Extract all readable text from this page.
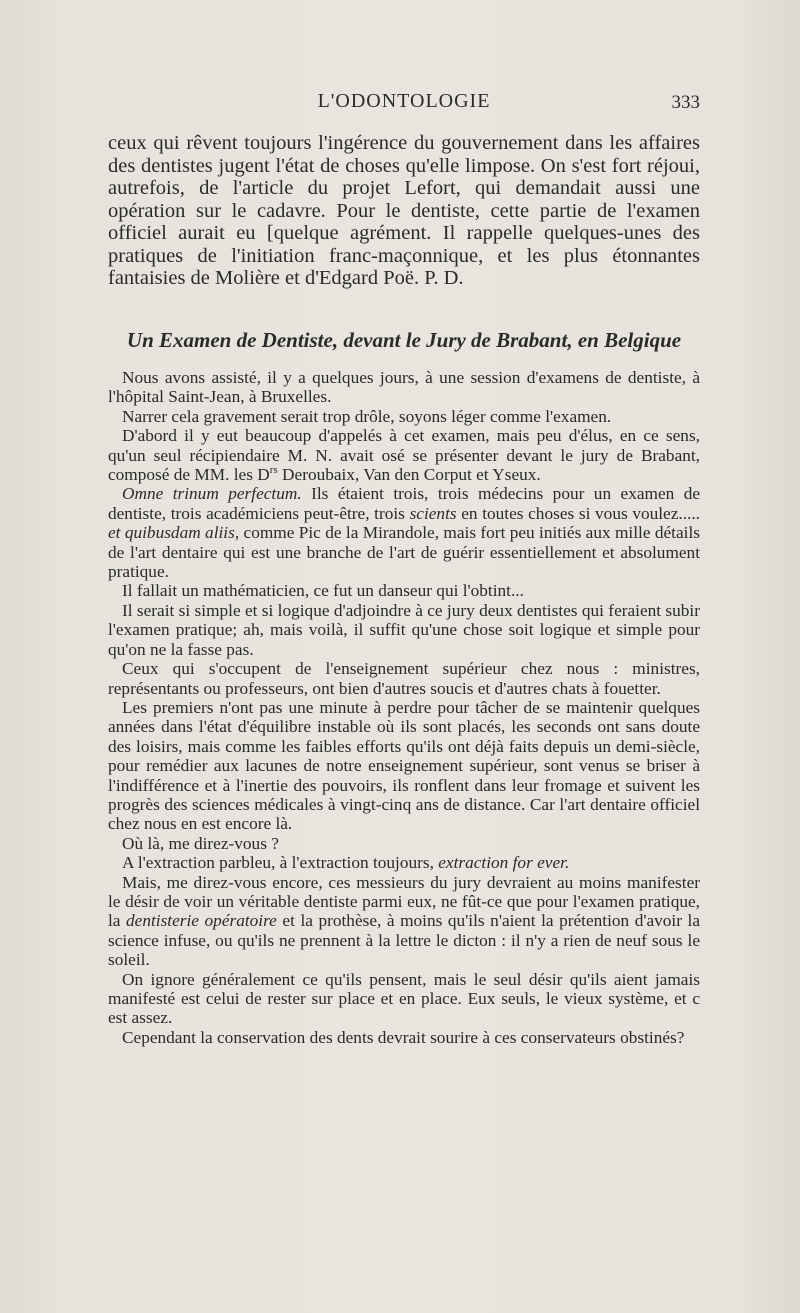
L'ODONTOLOGIE	333

ceux qui rêvent toujours l'ingérence du gouvernement dans les affaires des dentistes jugent l'état de choses qu'elle limpose. On s'est fort réjoui, autrefois, de l'article du projet Lefort, qui demandait aussi une opération sur le cadavre. Pour le dentiste, cette partie de l'examen officiel aurait eu [quelque agrément. Il rappelle quelques-unes des pratiques de l'initiation franc-maçonnique, et les plus étonnantes fantaisies de Molière et d'Edgard Poë. P. D.

Un Examen de Dentiste, devant le Jury de Brabant, en Belgique

Nous avons assisté, il y a quelques jours, à une session d'examens de dentiste, à l'hôpital Saint-Jean, à Bruxelles.

Narrer cela gravement serait trop drôle, soyons léger comme l'examen.

D'abord il y eut beaucoup d'appelés à cet examen, mais peu d'élus, en ce sens, qu'un seul récipiendaire M. N. avait osé se présenter devant le jury de Brabant, composé de MM. les $D^{rs}$ Deroubaix, Van den Corput et Yseux.

Omne trinum perfectum. Ils étaient trois, trois médecins pour un examen de dentiste, trois académiciens peut-être, trois scients en toutes choses si vous voulez..... et quibusdam aliis, comme Pic de la Mirandole, mais fort peu initiés aux mille détails de l'art dentaire qui est une branche de l'art de guérir essentiellement et absolument pratique.

Il fallait un mathématicien, ce fut un danseur qui l'obtint...

Il serait si simple et si logique d'adjoindre à ce jury deux dentistes qui feraient subir l'examen pratique; ah, mais voilà, il suffit qu'une chose soit logique et simple pour qu'on ne la fasse pas.

Ceux qui s'occupent de l'enseignement supérieur chez nous : ministres, représentants ou professeurs, ont bien d'autres soucis et d'autres chats à fouetter.

Les premiers n'ont pas une minute à perdre pour tâcher de se maintenir quelques années dans l'état d'équilibre instable où ils sont placés, les seconds ont sans doute des loisirs, mais comme les faibles efforts qu'ils ont déjà faits depuis un demi-siècle, pour remédier aux lacunes de notre enseignement supérieur, sont venus se briser à l'indifférence et à l'inertie des pouvoirs, ils ronflent dans leur fromage et suivent les progrès des sciences médicales à vingt-cinq ans de distance. Car l'art dentaire officiel chez nous en est encore là.

Où là, me direz-vous ?

A l'extraction parbleu, à l'extraction toujours, extraction for ever.

Mais, me direz-vous encore, ces messieurs du jury devraient au moins manifester le désir de voir un véritable dentiste parmi eux, ne fût-ce que pour l'examen pratique, la dentisterie opératoire et la prothèse, à moins qu'ils n'aient la prétention d'avoir la science infuse, ou qu'ils ne prennent à la lettre le dicton : il n'y a rien de neuf sous le soleil.

On ignore généralement ce qu'ils pensent, mais le seul désir qu'ils aient jamais manifesté est celui de rester sur place et en place. Eux seuls, le vieux système, et c est assez.

Cependant la conservation des dents devrait sourire à ces conservateurs obstinés?
